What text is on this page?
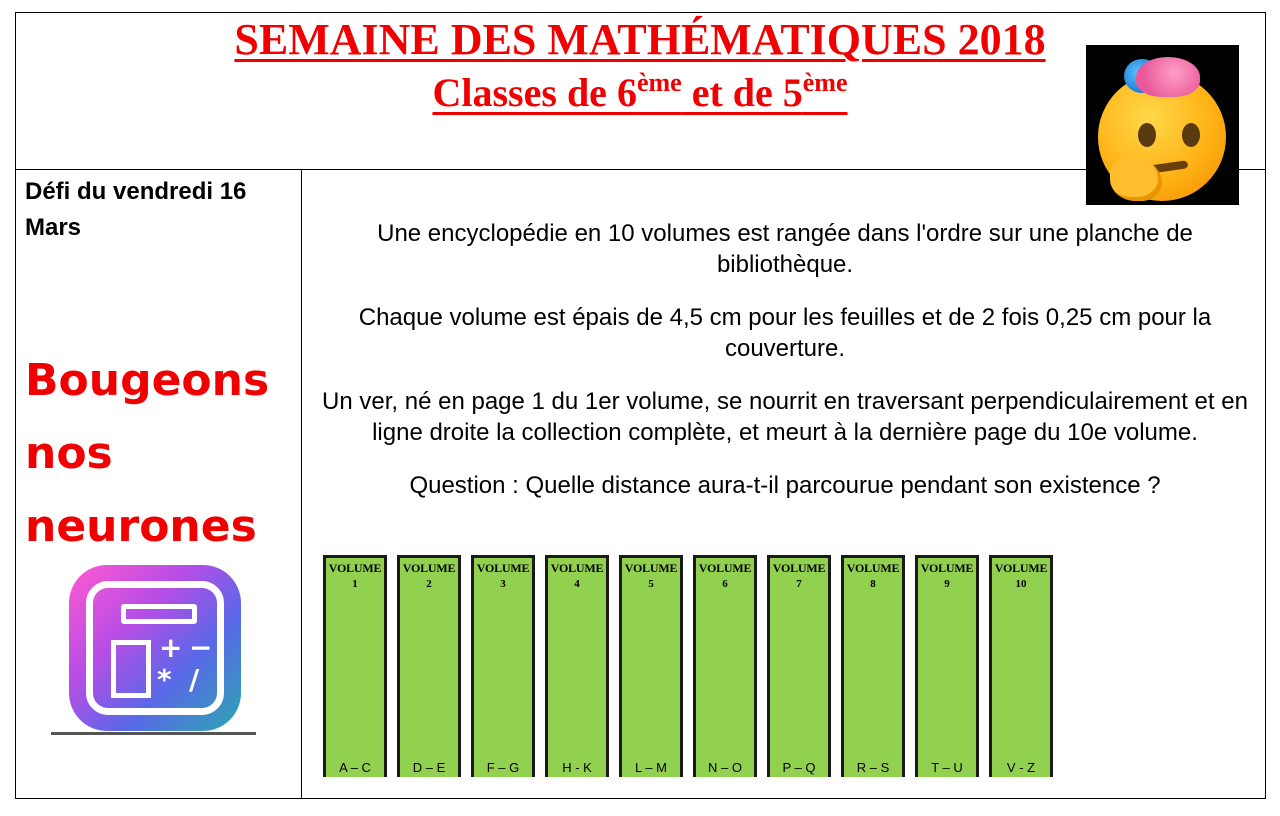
SEMAINE DES MATHÉMATIQUES 2018
Classes de 6ème et de 5ème
Défi du vendredi 16
Mars
Bougeons
nos
neurones
+ −
* /

Une encyclopédie en 10 volumes est rangée dans l'ordre sur une planche de bibliothèque.

Chaque volume est épais de 4,5 cm pour les feuilles et de 2 fois 0,25 cm pour la couverture.

Un ver, né en page 1 du 1er volume, se nourrit en traversant perpendiculairement et en ligne droite la collection complète, et meurt à la dernière page du 10e volume.

Question : Quelle distance aura-t-il parcourue pendant son existence ?

VOLUME
1
A – C
VOLUME
2
D – E
VOLUME
3
F – G
VOLUME
4
H - K
VOLUME
5
L – M
VOLUME
6
N – O
VOLUME
7
P – Q
VOLUME
8
R – S
VOLUME
9
T – U
VOLUME
10
V - Z
